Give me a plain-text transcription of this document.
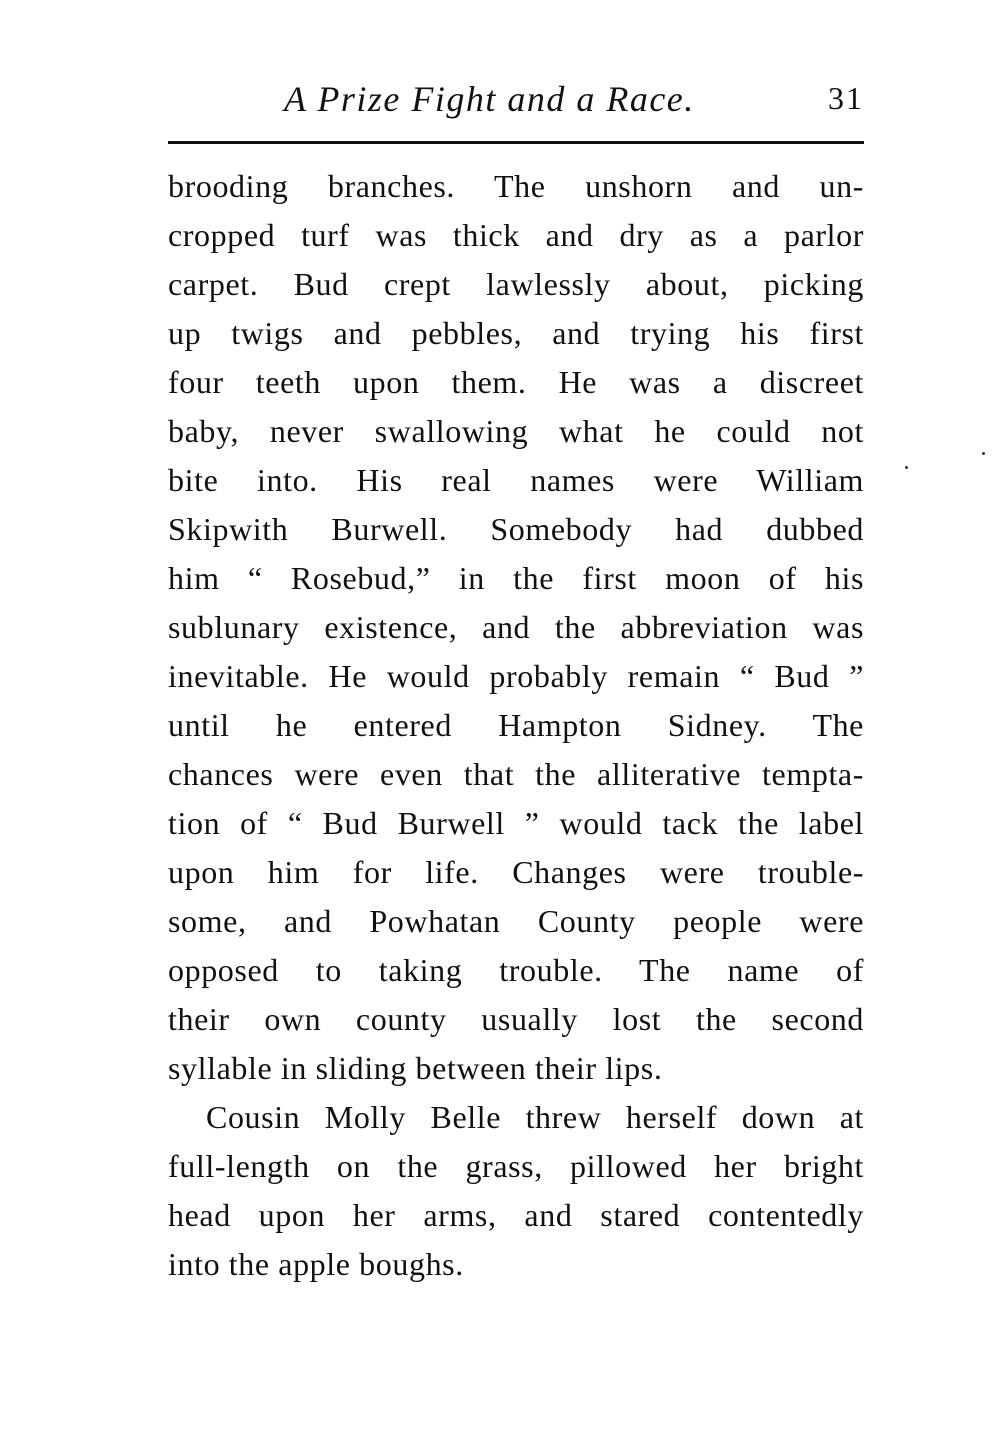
A Prize Fight and a Race.	31
brooding branches. The unshorn and un-
cropped turf was thick and dry as a parlor
carpet. Bud crept lawlessly about, picking
up twigs and pebbles, and trying his first
four teeth upon them. He was a discreet
baby, never swallowing what he could not
bite into. His real names were William
Skipwith Burwell. Somebody had dubbed
him “ Rosebud,” in the first moon of his
sublunary existence, and the abbreviation was
inevitable. He would probably remain “ Bud ”
until he entered Hampton Sidney. The
chances were even that the alliterative tempta-
tion of “ Bud Burwell ” would tack the label
upon him for life. Changes were trouble-
some, and Powhatan County people were
opposed to taking trouble. The name of
their own county usually lost the second
syllable in sliding between their lips.
Cousin Molly Belle threw herself down at
full-length on the grass, pillowed her bright
head upon her arms, and stared contentedly
into the apple boughs.
